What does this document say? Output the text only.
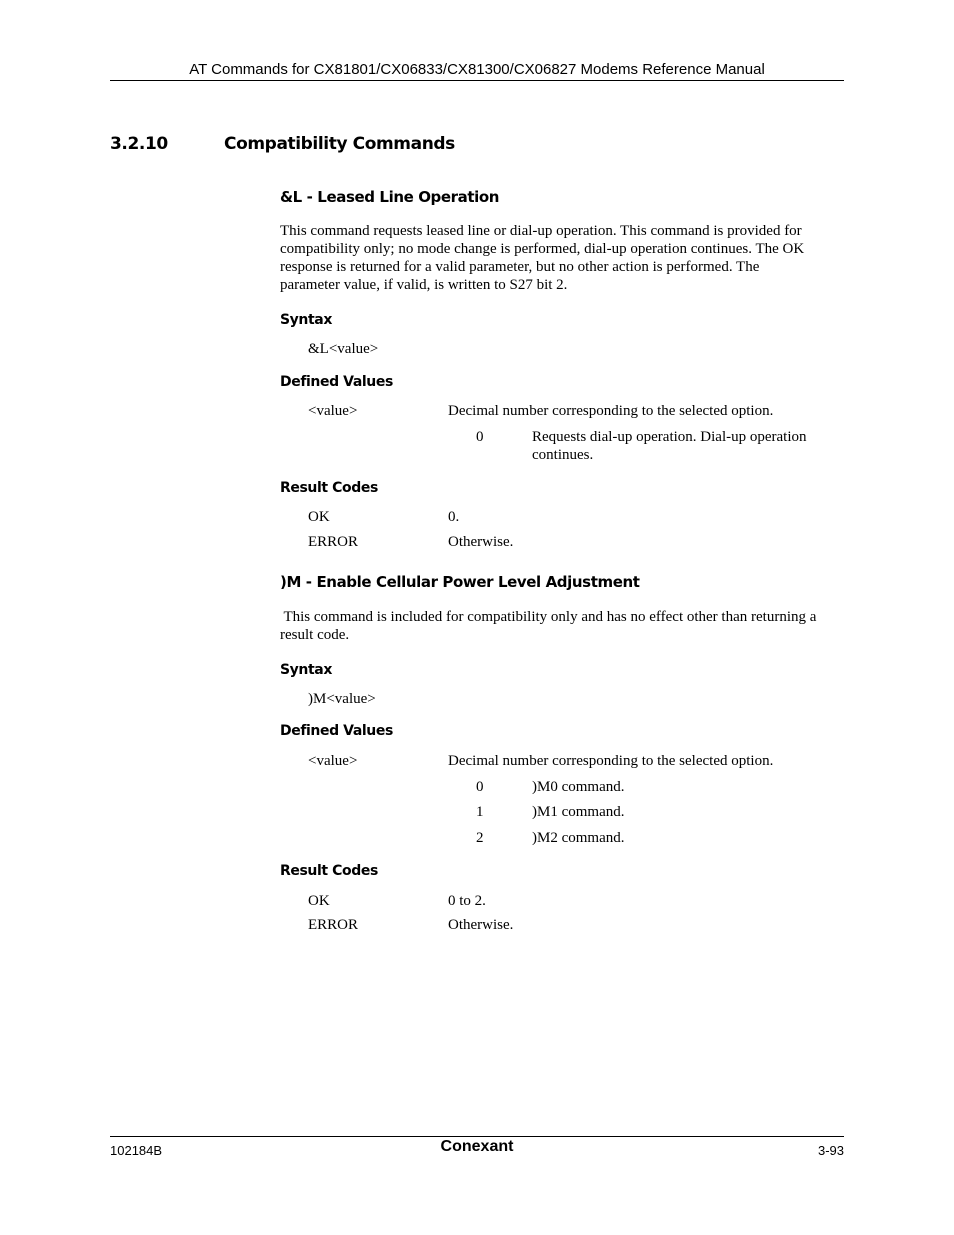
AT Commands for CX81801/CX06833/CX81300/CX06827 Modems Reference Manual
3.2.10	Compatibility Commands
&L - Leased Line Operation
This command requests leased line or dial-up operation. This command is provided for
compatibility only; no mode change is performed, dial-up operation continues. The OK
response is returned for a valid parameter, but no other action is performed. The
parameter value, if valid, is written to S27 bit 2.
Syntax
&L<value>
Defined Values
<value>	Decimal number corresponding to the selected option.
0	Requests dial-up operation. Dial-up operation
continues.
Result Codes
OK	0.
ERROR	Otherwise.
)M - Enable Cellular Power Level Adjustment
This command is included for compatibility only and has no effect other than returning a
result code.
Syntax
)M<value>
Defined Values
<value>	Decimal number corresponding to the selected option.
0	)M0 command.
1	)M1 command.
2	)M2 command.
Result Codes
OK	0 to 2.
ERROR	Otherwise.
102184B	Conexant	3-93
